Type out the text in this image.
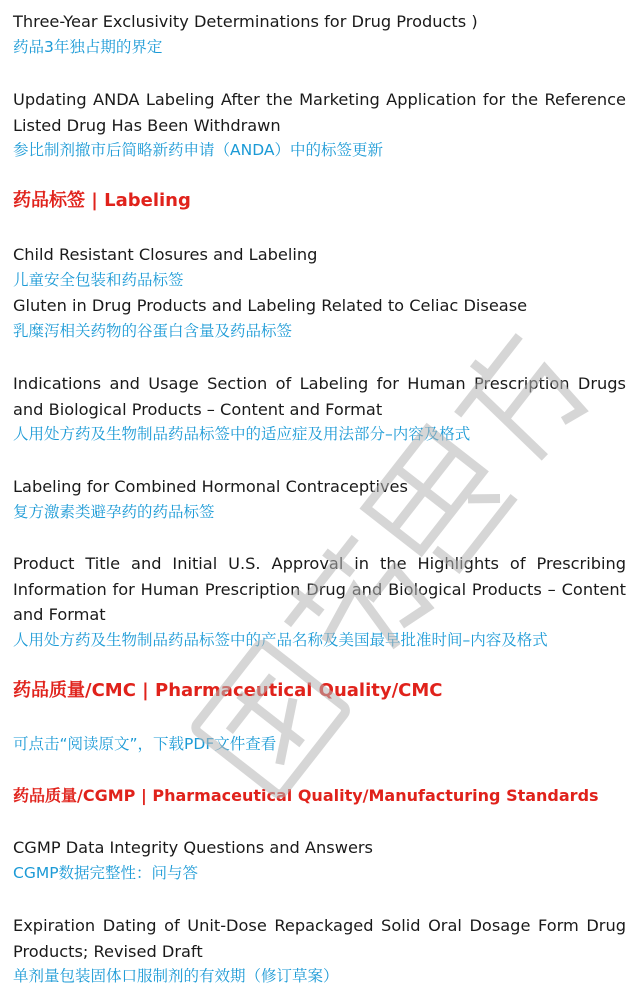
Three-Year Exclusivity Determinations for Drug Products )

药品3年独占期的界定

Updating ANDA Labeling After the Marketing Application for the Reference Listed Drug Has Been Withdrawn

参比制剂撤市后简略新药申请（ANDA）中的标签更新

药品标签 | Labeling

Child Resistant Closures and Labeling

儿童安全包装和药品标签

Gluten in Drug Products and Labeling Related to Celiac Disease

乳糜泻相关药物的谷蛋白含量及药品标签

Indications and Usage Section of Labeling for Human Prescription Drugs and Biological Products – Content and Format

人用处方药及生物制品药品标签中的适应症及用法部分–内容及格式

Labeling for Combined Hormonal Contraceptives

复方激素类避孕药的药品标签

Product Title and Initial U.S. Approval in the Highlights of Prescribing Information for Human Prescription Drug and Biological Products – Content and Format

人用处方药及生物制品药品标签中的产品名称及美国最早批准时间–内容及格式

药品质量/CMC | Pharmaceutical Quality/CMC

可点击“阅读原文”，下载PDF文件查看

药品质量/CGMP | Pharmaceutical Quality/Manufacturing Standards

CGMP Data Integrity Questions and Answers

CGMP数据完整性：问与答

Expiration Dating of Unit-Dose Repackaged Solid Oral Dosage Form Drug Products; Revised Draft

单剂量包装固体口服制剂的有效期（修订草案）
